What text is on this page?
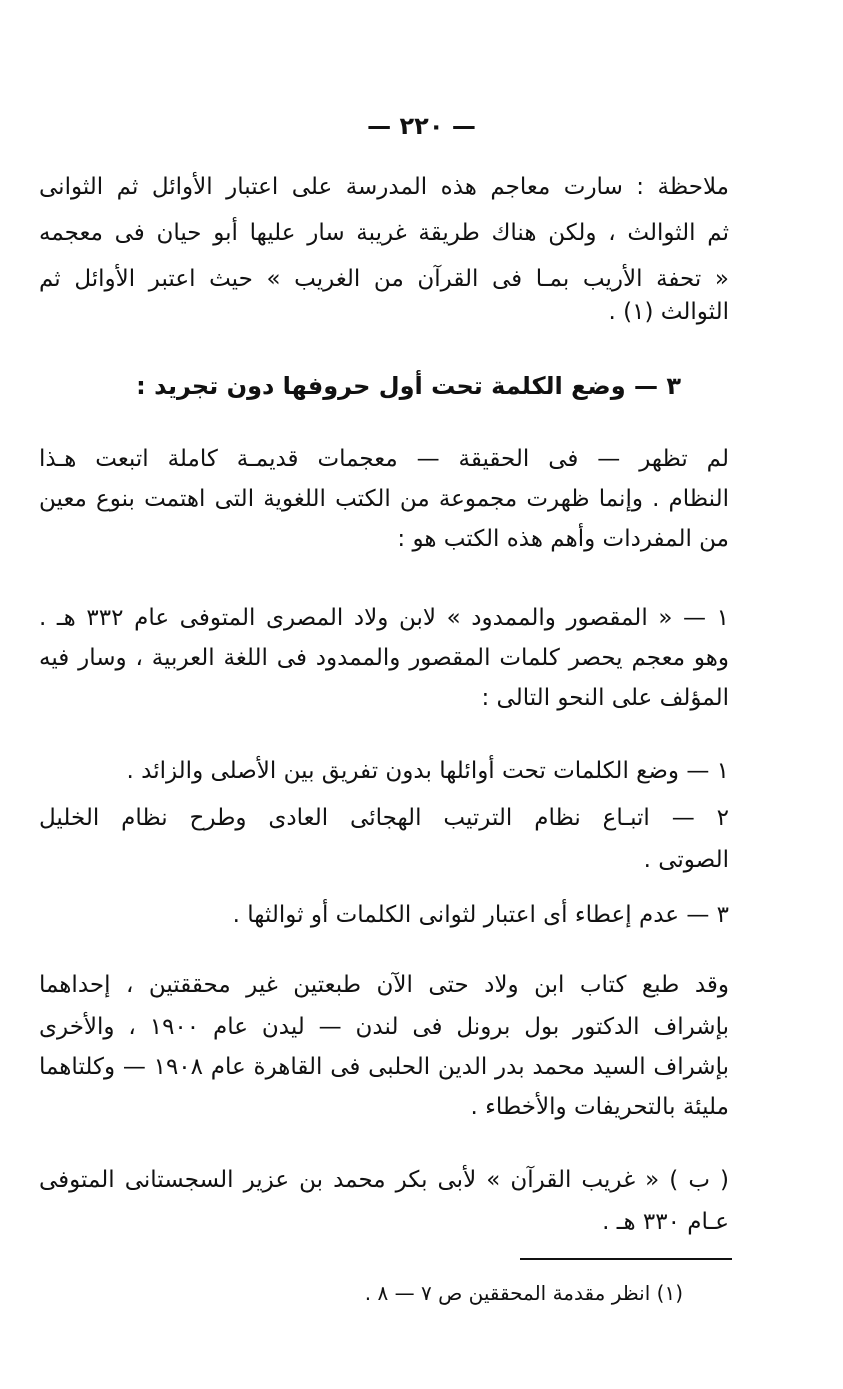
— ٢٢٠ —
ملاحظة : سارت معاجم هذه المدرسة على اعتبار الأوائل ثم الثوانى
ثم الثوالث ، ولكن هناك طريقة غريبة سار عليها أبو حيان فى معجمه
« تحفة الأريب بمـا فى القرآن من الغريب » حيث اعتبر الأوائل ثم
الثوالث (١) .
٣ — وضع الكلمة تحت أول حروفها دون تجريد :
لم تظهر — فى الحقيقة — معجمات قديمـة كاملة اتبعت هـذا
النظام . وإنما ظهرت مجموعة من الكتب اللغوية التى اهتمت بنوع معين
من المفردات وأهم هذه الكتب هو :
١ — « المقصور والممدود » لابن ولاد المصرى المتوفى عام ٣٣٢ هـ .
وهو معجم يحصر كلمات المقصور والممدود فى اللغة العربية ، وسار فيه
المؤلف على النحو التالى :
١ — وضع الكلمات تحت أوائلها بدون تفريق بين الأصلى والزائد .
٢ — اتبـاع نظام الترتيب الهجائى العادى وطرح نظام الخليل
الصوتى .
٣ — عدم إعطاء أى اعتبار لثوانى الكلمات أو ثوالثها .
وقد طبع كتاب ابن ولاد حتى الآن طبعتين غير محققتين ، إحداهما
بإشراف الدكتور بول برونل فى لندن — ليدن عام ١٩٠٠ ، والأخرى
بإشراف السيد محمد بدر الدين الحلبى فى القاهرة عام ١٩٠٨ — وكلتاهما
مليئة بالتحريفات والأخطاء .
( ب ) « غريب القرآن » لأبى بكر محمد بن عزير السجستانى المتوفى
عـام ٣٣٠ هـ .
(١) انظر مقدمة المحققين ص ٧ — ٨ .
